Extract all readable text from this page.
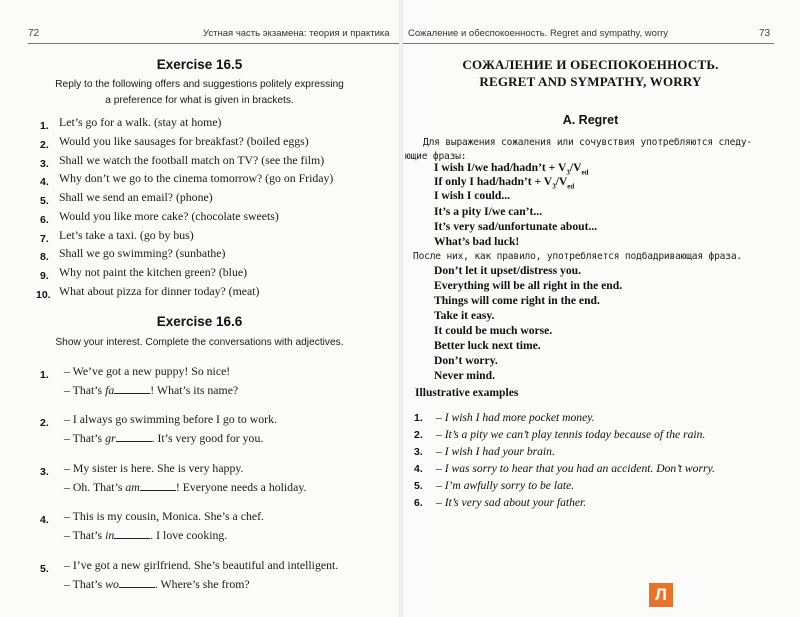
72	Устная часть экзамена: теория и практика
Exercise 16.5
Reply to the following offers and suggestions politely expressing
a preference for what is given in brackets.
1. Let’s go for a walk. (stay at home)
2. Would you like sausages for breakfast? (boiled eggs)
3. Shall we watch the football match on TV? (see the film)
4. Why don’t we go to the cinema tomorrow? (go on Friday)
5. Shall we send an email? (phone)
6. Would you like more cake? (chocolate sweets)
7. Let’s take a taxi. (go by bus)
8. Shall we go swimming? (sunbathe)
9. Why not paint the kitchen green? (blue)
10. What about pizza for dinner today? (meat)
Exercise 16.6
Show your interest. Complete the conversations with adjectives.
1. – We’ve got a new puppy! So nice!
– That’s fa	! What’s its name?
2. – I always go swimming before I go to work.
– That’s gr	. It’s very good for you.
3. – My sister is here. She is very happy.
– Oh. That’s am	! Everyone needs a holiday.
4. – This is my cousin, Monica. She’s a chef.
– That’s in	. I love cooking.
5. – I’ve got a new girlfriend. She’s beautiful and intelligent.
– That’s wo	. Where’s she from?
Сожаление и обеспокоенность. Regret and sympathy, worry	73
СОЖАЛЕНИЕ И ОБЕСПОКОЕННОСТЬ.
REGRET AND SYMPATHY, WORRY
A. Regret
Для выражения сожаления или сочувствия употребляются следу-
ющие фразы:
I wish I/we had/hadn’t + $V_3/V_{ed}$
If only I had/hadn’t + $V_3/V_{ed}$
I wish I could...
It’s a pity I/we can’t...
It’s very sad/unfortunate about...
What’s bad luck!
После них, как правило, употребляется подбадривающая фраза.
Don’t let it upset/distress you.
Everything will be all right in the end.
Things will come right in the end.
Take it easy.
It could be much worse.
Better luck next time.
Don’t worry.
Never mind.
Illustrative examples
1. – I wish I had more pocket money.
2. – It’s a pity we can’t play tennis today because of the rain.
3. – I wish I had your brain.
4. – I was sorry to hear that you had an accident. Don’t worry.
5. – I’m awfully sorry to be late.
6. – It’s very sad about your father.
Л
